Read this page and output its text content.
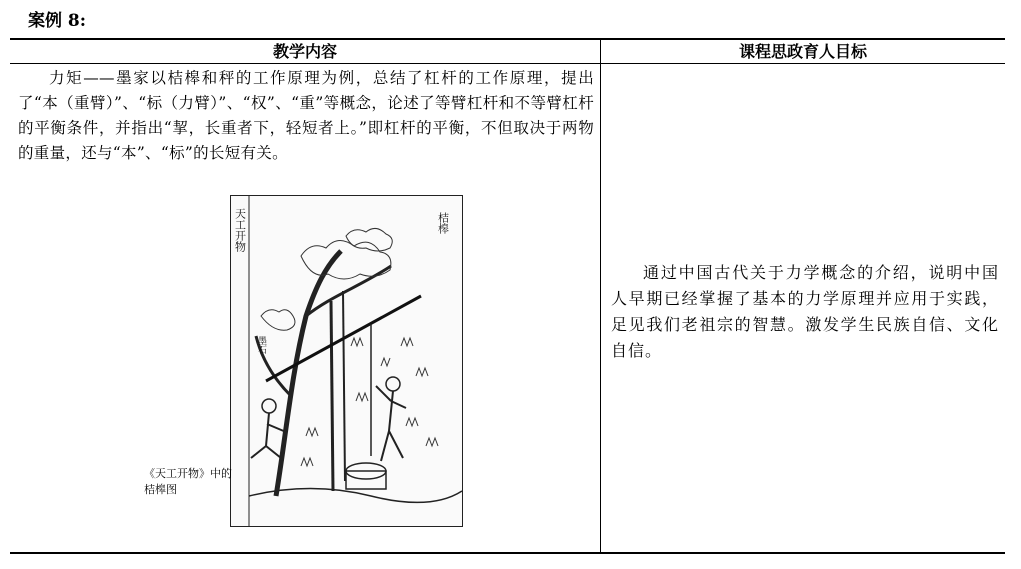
案例 8:
教学内容	课程思政育人目标
力矩——墨家以桔槔和秤的工作原理为例，总结了杠杆的工作原理，提出了“本（重臂）”、“标（力臂）”、“权”、“重”等概念，论述了等臂杠杆和不等臂杠杆的平衡条件，并指出“挈，长重者下，轻短者上。”即杠杆的平衡，不但取决于两物的重量，还与“本”、“标”的长短有关。
通过中国古代关于力学概念的介绍，说明中国人早期已经掌握了基本的力学原理并应用于实践，足见我们老祖宗的智慧。激发学生民族自信、文化自信。
天工开物	桔槔
墨石
《天工开物》中的桔槔图
